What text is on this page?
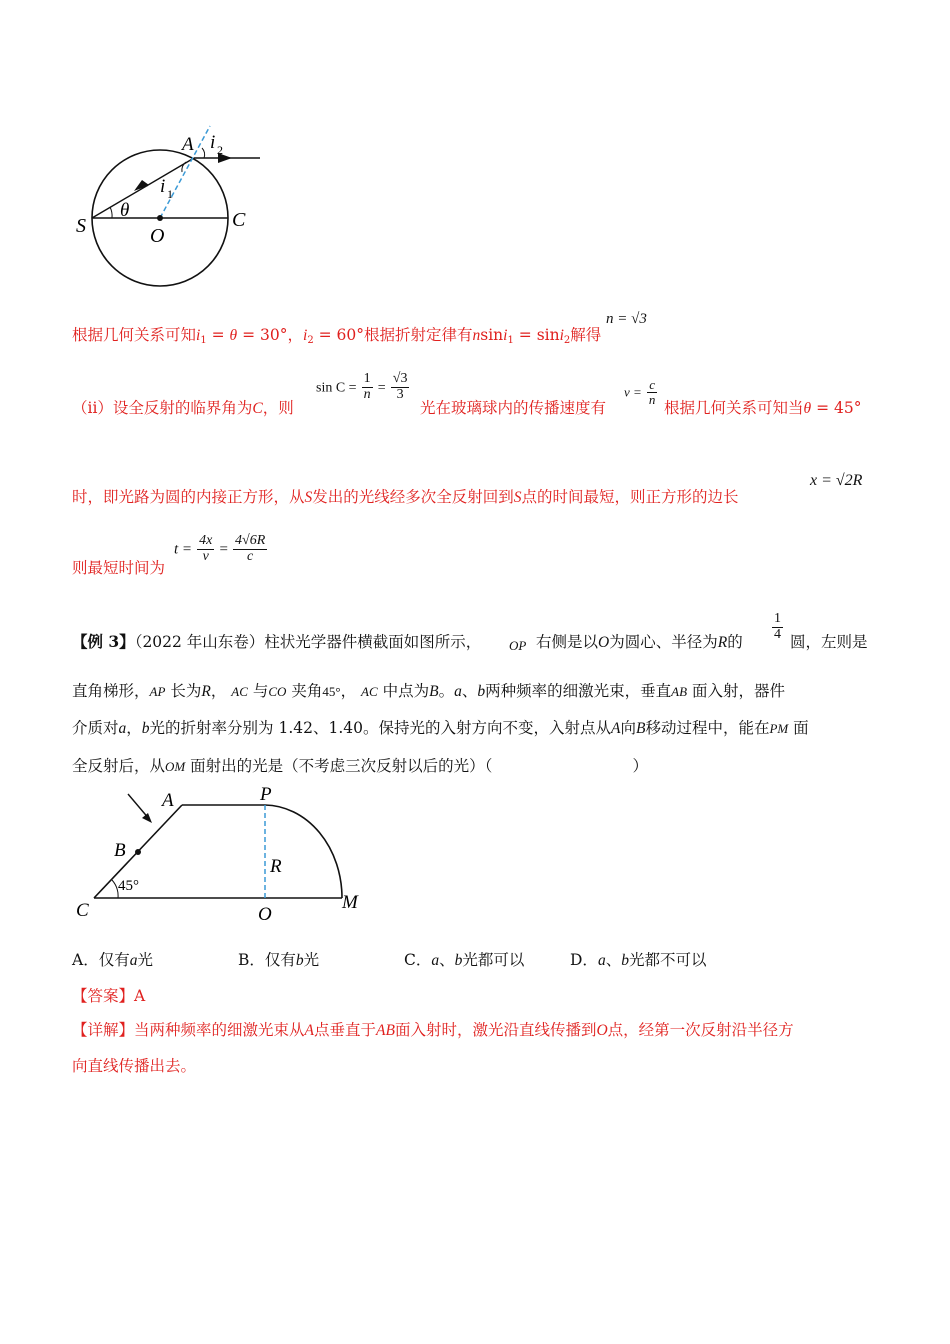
A i 2
i 1
θ
S	O
C
根据几何关系可知$i_1 = \theta = 30^\circ$，$i_2 = 60^\circ$根据折射定律有nsini$_1$ = sini$_2$解得
n = √3
（ii）设全反射的临界角为C，则
$\sin C = \frac{1}{n} = \frac{√3}{3}$
光在玻璃球内的传播速度有
$v = \frac{c}{n}$
根据几何关系可知当θ = 45°
时，即光路为圆的内接正方形，从S发出的光线经多次全反射回到S点的时间最短，则正方形的边长
x = √2R
则最短时间为
$t = \frac{4x}{v} = \frac{4√6R}{c}$
【例 3】（2022 年山东卷）柱状光学器件横截面如图所示， OP 右侧是以O为圆心、半径为R的 $\frac{1}{4}$ 圆，左则是
直角梯形，AP 长为R， AC 与CO 夹角45°， AC 中点为B。a、b两种频率的细激光束，垂直AB 面入射，器件
介质对a，b光的折射率分别为 1.42、1.40。保持光的入射方向不变，入射点从A向B移动过程中，能在PM 面
全反射后，从OM 面射出的光是（不考虑三次反射以后的光）（	）
A	P
B
R
45°
C	O
M
A．仅有a光	B．仅有b光	C．a、b光都可以	D．a、b光都不可以
【答案】A
【详解】当两种频率的细激光束从A点垂直于AB面入射时，激光沿直线传播到O点，经第一次反射沿半径方
向直线传播出去。
